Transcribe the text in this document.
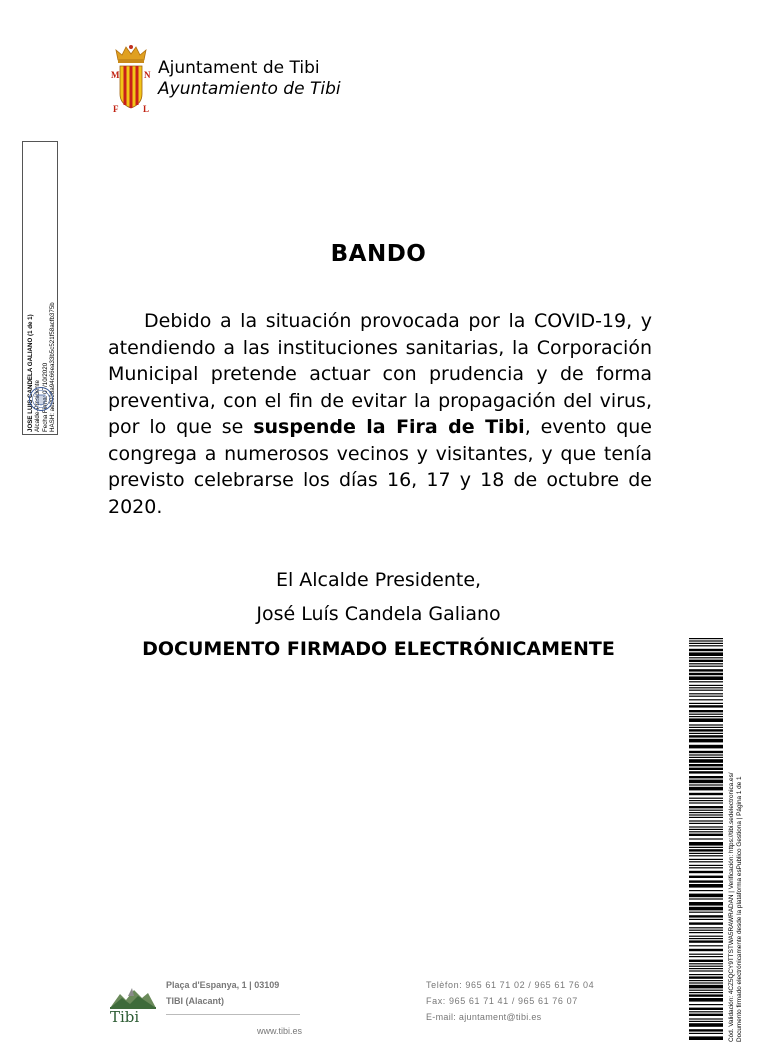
M	N
F	L
Ajuntament de Tibi
Ayuntamiento de Tibi
JOSE LUIS CANDELA GALIANO (1 de 1) Alcalde-Presidente Fecha Firma: 07/10/2020 HASH: ae2038a94c66ea33b5c521f58acfb375b
BANDO
Debido a la situación provocada por la COVID-19, y atendiendo a las instituciones sanitarias, la Corporación Municipal pretende actuar con prudencia y de forma preventiva, con el fin de evitar la propagación del virus, por lo que se suspende la Fira de Tibi, evento que congrega a numerosos vecinos y visitantes, y que tenía previsto celebrarse los días 16, 17 y 18 de octubre de 2020.
El Alcalde Presidente,
José Luís Candela Galiano
DOCUMENTO FIRMADO ELECTRÓNICAMENTE
Cód. Validación: 4CZ5QCY9TTSTWA5RAWRADAN | Verificación: https://tibi.sedelectronica.es/ Documento firmado electrónicamente desde la plataforma esPublico Gestiona | Página 1 de 1
Tibi
Plaça d'Espanya, 1 | 03109
TIBI (Alacant)
www.tibi.es
Telèfon: 965 61 71 02 / 965 61 76 04
Fax: 965 61 71 41 / 965 61 76 07
E-mail: ajuntament@tibi.es
